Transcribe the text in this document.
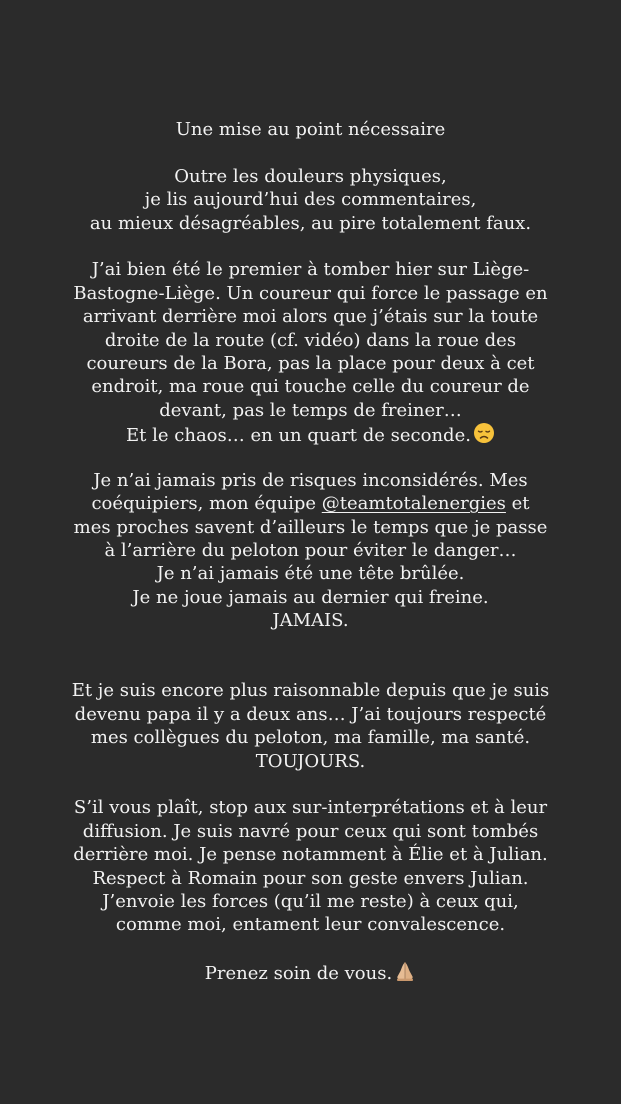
Une mise au point nécessaire
Outre les douleurs physiques,
je lis aujourd’hui des commentaires,
au mieux désagréables, au pire totalement faux.
J’ai bien été le premier à tomber hier sur Liège-
Bastogne-Liège. Un coureur qui force le passage en
arrivant derrière moi alors que j’étais sur la toute
droite de la route (cf. vidéo) dans la roue des
coureurs de la Bora, pas la place pour deux à cet
endroit, ma roue qui touche celle du coureur de
devant, pas le temps de freiner…
Et le chaos… en un quart de seconde.
Je n’ai jamais pris de risques inconsidérés. Mes
coéquipiers, mon équipe @teamtotalenergies et
mes proches savent d’ailleurs le temps que je passe
à l’arrière du peloton pour éviter le danger…
Je n’ai jamais été une tête brûlée.
Je ne joue jamais au dernier qui freine.
JAMAIS.
Et je suis encore plus raisonnable depuis que je suis
devenu papa il y a deux ans… J’ai toujours respecté
mes collègues du peloton, ma famille, ma santé.
TOUJOURS.
S’il vous plaît, stop aux sur-interprétations et à leur
diffusion. Je suis navré pour ceux qui sont tombés
derrière moi. Je pense notamment à Élie et à Julian.
Respect à Romain pour son geste envers Julian.
J’envoie les forces (qu’il me reste) à ceux qui,
comme moi, entament leur convalescence.
Prenez soin de vous.
